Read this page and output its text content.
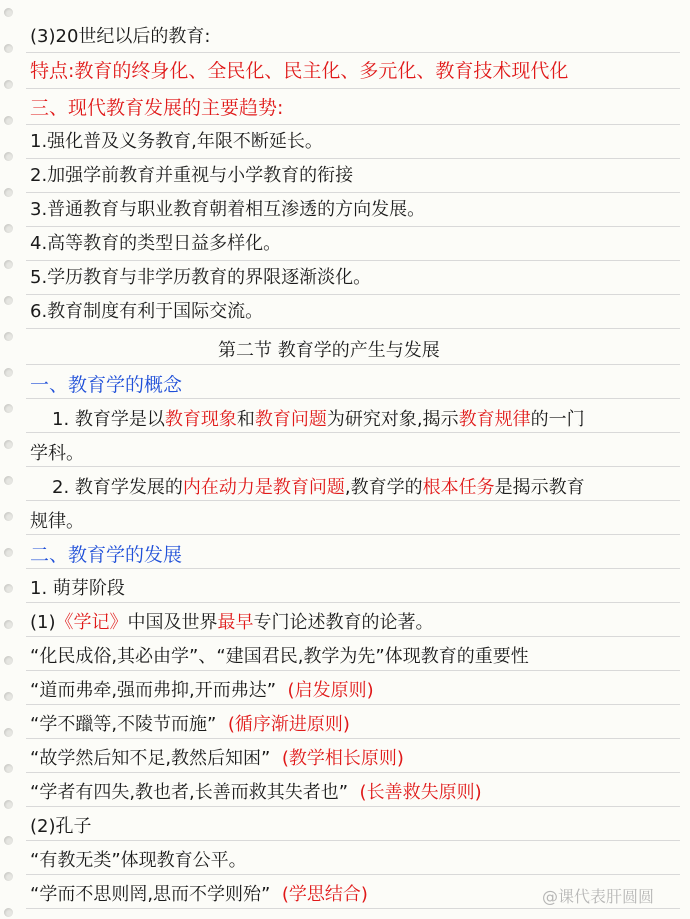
(3)20世纪以后的教育:
特点:教育的终身化、全民化、民主化、多元化、教育技术现代化
三、现代教育发展的主要趋势:
1.强化普及义务教育,年限不断延长。
2.加强学前教育并重视与小学教育的衔接
3.普通教育与职业教育朝着相互渗透的方向发展。
4.高等教育的类型日益多样化。
5.学历教育与非学历教育的界限逐渐淡化。
6.教育制度有利于国际交流。
第二节 教育学的产生与发展
一、教育学的概念
1. 教育学是以教育现象和教育问题为研究对象,揭示教育规律的一门
学科。
2. 教育学发展的内在动力是教育问题,教育学的根本任务是揭示教育
规律。
二、教育学的发展
1. 萌芽阶段
(1)《学记》中国及世界最早专门论述教育的论著。
“化民成俗,其必由学”、“建国君民,教学为先”体现教育的重要性
“道而弗牵,强而弗抑,开而弗达” (启发原则)
“学不躐等,不陵节而施” (循序渐进原则)
“故学然后知不足,教然后知困” (教学相长原则)
“学者有四失,教也者,长善而救其失者也” (长善救失原则)
(2)孔子
“有教无类”体现教育公平。
“学而不思则罔,思而不学则殆” (学思结合)	@课代表肝圆圆
